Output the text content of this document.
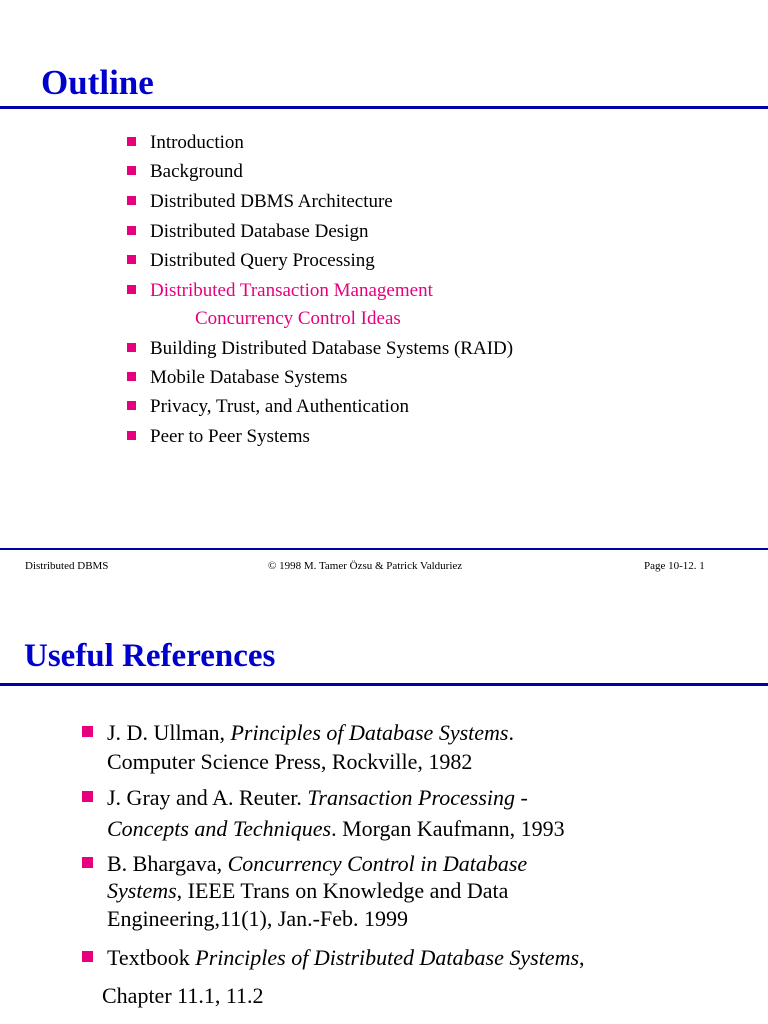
Outline
Introduction
Background
Distributed DBMS Architecture
Distributed Database Design
Distributed Query Processing
Distributed Transaction Management
Concurrency Control Ideas
Building Distributed Database Systems (RAID)
Mobile Database Systems
Privacy, Trust, and Authentication
Peer to Peer Systems
Distributed DBMS	© 1998 M. Tamer Özsu & Patrick Valduriez	Page 10-12. 1
Useful References
J. D. Ullman, Principles of Database Systems.
Computer Science Press, Rockville, 1982
J. Gray and A. Reuter. Transaction Processing -
Concepts and Techniques. Morgan Kaufmann, 1993
B. Bhargava, Concurrency Control in Database
Systems, IEEE Trans on Knowledge and Data
Engineering,11(1), Jan.-Feb. 1999
Textbook Principles of Distributed Database Systems,
Chapter 11.1, 11.2
